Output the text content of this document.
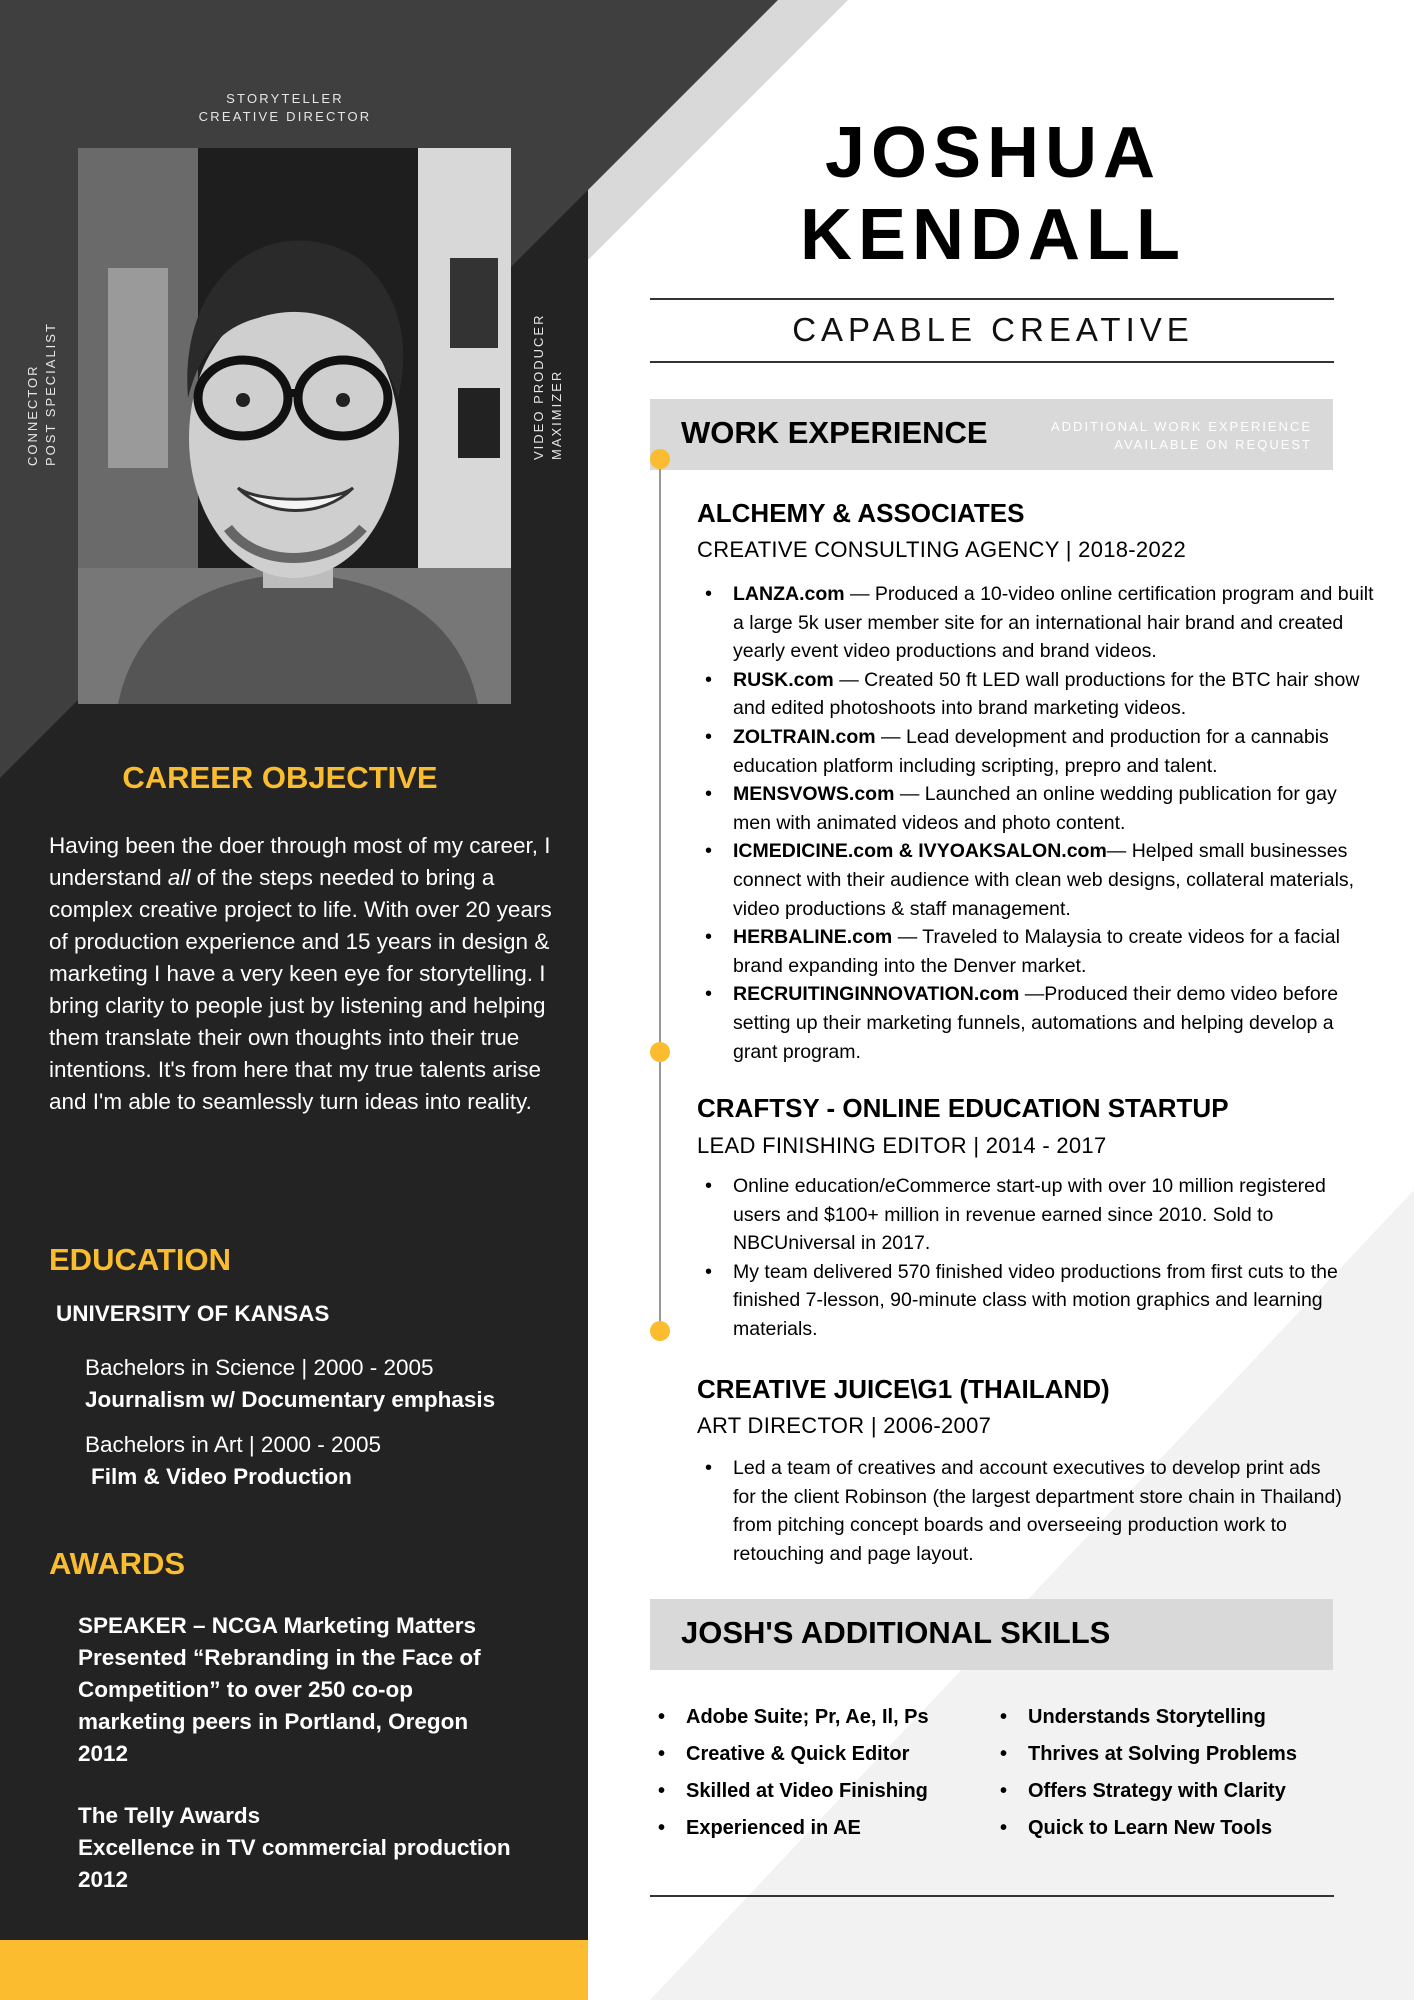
STORYTELLER
CREATIVE DIRECTOR
CONNECTOR POST SPECIALIST	VIDEO PRODUCER MAXIMIZER
CAREER OBJECTIVE
Having been the doer through most of my career, I understand all of the steps needed to bring a complex creative project to life. With over 20 years of production experience and 15 years in design & marketing I have a very keen eye for storytelling. I bring clarity to people just by listening and helping them translate their own thoughts into their true intentions. It's from here that my true talents arise and I'm able to seamlessly turn ideas into reality.
EDUCATION
UNIVERSITY OF KANSAS
Bachelors in Science | 2000 - 2005
Journalism w/ Documentary emphasis
Bachelors in Art | 2000 - 2005
Film & Video Production
AWARDS
SPEAKER – NCGA Marketing Matters
Presented “Rebranding in the Face of
Competition” to over 250 co-op
marketing peers in Portland, Oregon
2012
The Telly Awards
Excellence in TV commercial production
2012
JOSHUA
KENDALL
CAPABLE CREATIVE
WORK EXPERIENCE	ADDITIONAL WORK EXPERIENCE
AVAILABLE ON REQUEST
ALCHEMY & ASSOCIATES
CREATIVE CONSULTING AGENCY | 2018-2022
• LANZA.com — Produced a 10-video online certification program and built a large 5k user member site for an international hair brand and created yearly event video productions and brand videos.
• RUSK.com — Created 50 ft LED wall productions for the BTC hair show and edited photoshoots into brand marketing videos.
• ZOLTRAIN.com — Lead development and production for a cannabis education platform including scripting, prepro and talent.
• MENSVOWS.com — Launched an online wedding publication for gay men with animated videos and photo content.
• ICMEDICINE.com & IVYOAKSALON.com— Helped small businesses connect with their audience with clean web designs, collateral materials, video productions & staff management.
• HERBALINE.com — Traveled to Malaysia to create videos for a facial brand expanding into the Denver market.
• RECRUITINGINNOVATION.com —Produced their demo video before setting up their marketing funnels, automations and helping develop a grant program.
CRAFTSY - ONLINE EDUCATION STARTUP
LEAD FINISHING EDITOR | 2014 - 2017
• Online education/eCommerce start-up with over 10 million registered users and $100+ million in revenue earned since 2010. Sold to NBCUniversal in 2017.
• My team delivered 570 finished video productions from first cuts to the finished 7-lesson, 90-minute class with motion graphics and learning materials.
CREATIVE JUICE\G1 (THAILAND)
ART DIRECTOR | 2006-2007
• Led a team of creatives and account executives to develop print ads for the client Robinson (the largest department store chain in Thailand) from pitching concept boards and overseeing production work to retouching and page layout.
JOSH'S ADDITIONAL SKILLS
• Adobe Suite; Pr, Ae, Il, Ps
• Creative & Quick Editor
• Skilled at Video Finishing
• Experienced in AE
• Understands Storytelling
• Thrives at Solving Problems
• Offers Strategy with Clarity
• Quick to Learn New Tools
